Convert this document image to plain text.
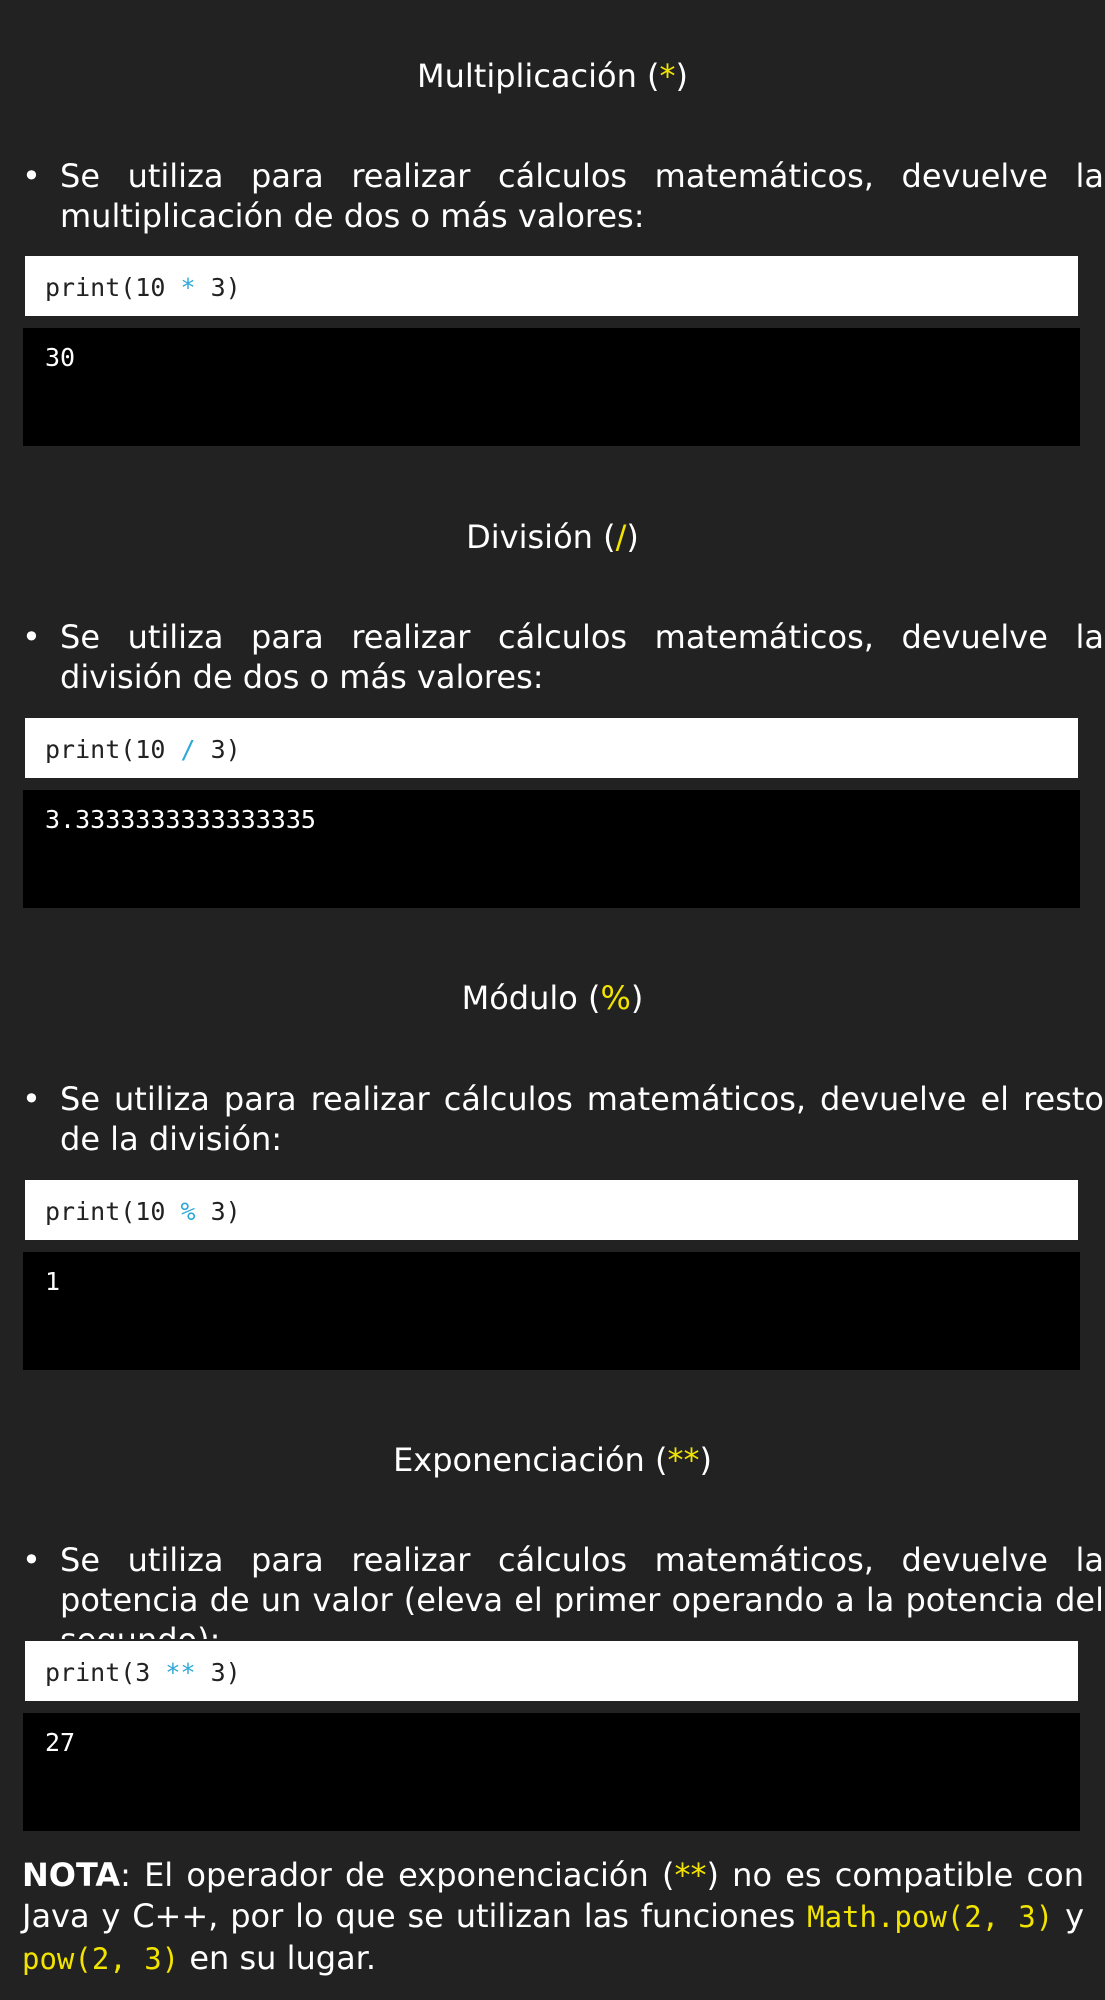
Multiplicación (*)
• Se utiliza para realizar cálculos matemáticos, devuelve la multiplicación de dos o más valores:
print(10 * 3)
30
División (/)
• Se utiliza para realizar cálculos matemáticos, devuelve la división de dos o más valores:
print(10 / 3)
3.3333333333333335
Módulo (%)
• Se utiliza para realizar cálculos matemáticos, devuelve el resto de la división:
print(10 % 3)
1
Exponenciación (**)
• Se utiliza para realizar cálculos matemáticos, devuelve la potencia de un valor (eleva el primer operando a la potencia del
print(3 ** 3)
27
NOTA: El operador de exponenciación (**) no es compatible con Java y C++, por lo que se utilizan las funciones Math.pow(2, 3) y pow(2, 3) en su lugar.
